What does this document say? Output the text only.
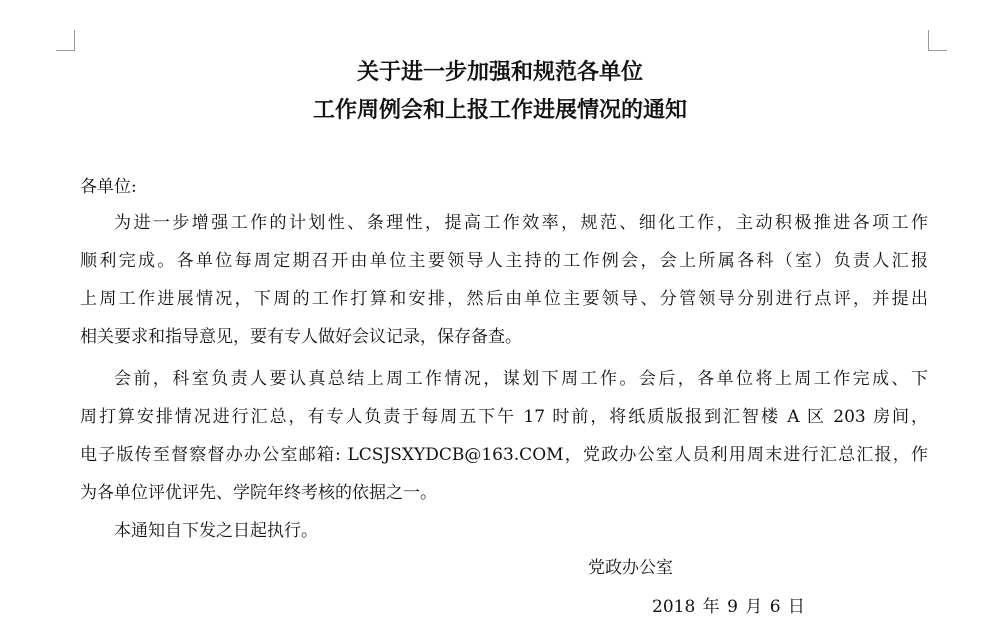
关于进一步加强和规范各单位
工作周例会和上报工作进展情况的通知
各单位:
为进一步增强工作的计划性、条理性，提高工作效率，规范、细化工作，主动积极推进各项工作
顺利完成。各单位每周定期召开由单位主要领导人主持的工作例会，会上所属各科（室）负责人汇报
上周工作进展情况，下周的工作打算和安排，然后由单位主要领导、分管领导分别进行点评，并提出
相关要求和指导意见，要有专人做好会议记录，保存备查。
会前，科室负责人要认真总结上周工作情况，谋划下周工作。会后，各单位将上周工作完成、下
周打算安排情况进行汇总，有专人负责于每周五下午 17 时前，将纸质版报到汇智楼 A 区 203 房间，
电子版传至督察督办办公室邮箱: LCSJSXYDCB@163.COM，党政办公室人员利用周末进行汇总汇报，作
为各单位评优评先、学院年终考核的依据之一。
本通知自下发之日起执行。
党政办公室
2018 年 9 月 6 日
